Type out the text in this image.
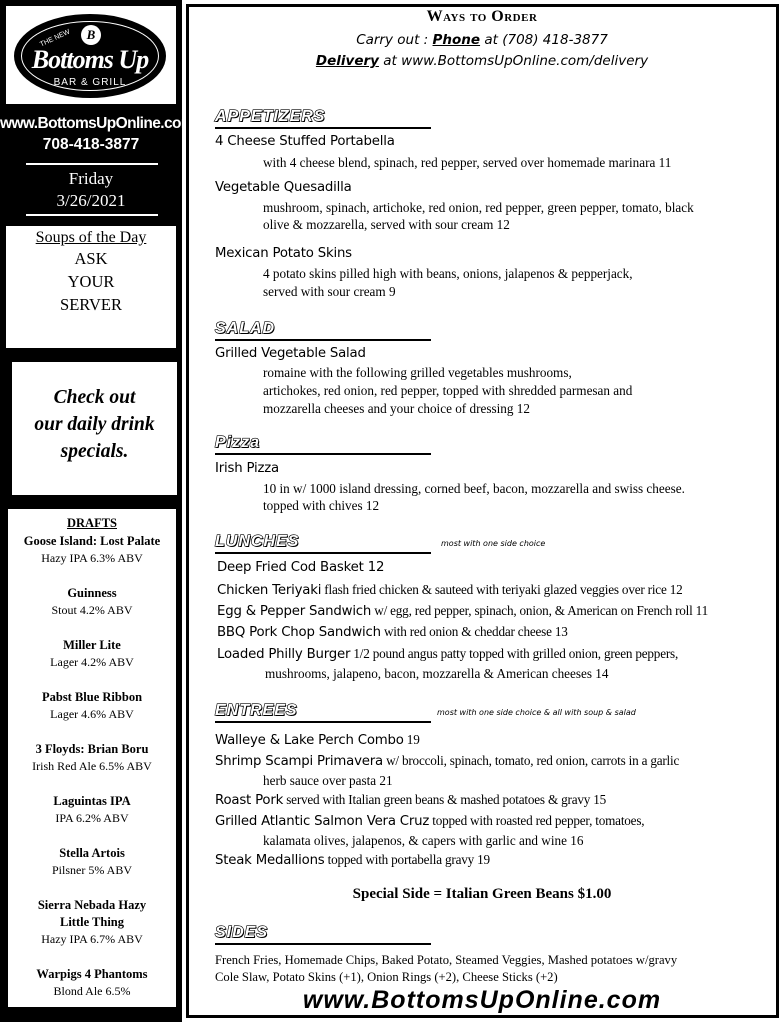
B
THE NEW
Bottoms Up
BAR & GRILL
www.BottomsUpOnline.com
708-418-3877
Friday
3/26/2021
Soups of the Day
ASK
YOUR
SERVER
Check out
our daily drink
specials.
DRAFTS
Goose Island: Lost Palate
Hazy IPA 6.3% ABV
Guinness
Stout 4.2% ABV
Miller Lite
Lager 4.2% ABV
Pabst Blue Ribbon
Lager 4.6% ABV
3 Floyds: Brian Boru
Irish Red Ale 6.5% ABV
Laguintas IPA
IPA 6.2% ABV
Stella Artois
Pilsner 5% ABV
Sierra Nebada Hazy
Little Thing
Hazy IPA 6.7% ABV
Warpigs 4 Phantoms
Blond Ale 6.5%
Ways to Order
Carry out : Phone at (708) 418-3877
Delivery at www.BottomsUpOnline.com/delivery
APPETIZERS
4 Cheese Stuffed Portabella
with 4 cheese blend, spinach, red pepper, served over homemade marinara 11
Vegetable Quesadilla
mushroom, spinach, artichoke, red onion, red pepper, green pepper, tomato, black
olive & mozzarella, served with sour cream 12
Mexican Potato Skins
4 potato skins pilled high with beans, onions, jalapenos & pepperjack,
served with sour cream 9
SALAD
Grilled Vegetable Salad
romaine with the following grilled vegetables mushrooms,
artichokes, red onion, red pepper, topped with shredded parmesan and
mozzarella cheeses and your choice of dressing 12
Pizza
Irish Pizza
10 in w/ 1000 island dressing, corned beef, bacon, mozzarella and swiss cheese.
topped with chives 12
LUNCHES	most with one side choice
Deep Fried Cod Basket 12
Chicken Teriyaki flash fried chicken & sauteed with teriyaki glazed veggies over rice 12
Egg & Pepper Sandwich w/ egg, red pepper, spinach, onion, & American on French roll 11
BBQ Pork Chop Sandwich with red onion & cheddar cheese 13
Loaded Philly Burger 1/2 pound angus patty topped with grilled onion, green peppers,
mushrooms, jalapeno, bacon, mozzarella & American cheeses 14
ENTREES	most with one side choice & all with soup & salad
Walleye & Lake Perch Combo 19
Shrimp Scampi Primavera w/ broccoli, spinach, tomato, red onion, carrots in a garlic
herb sauce over pasta 21
Roast Pork served with Italian green beans & mashed potatoes & gravy 15
Grilled Atlantic Salmon Vera Cruz topped with roasted red pepper, tomatoes,
kalamata olives, jalapenos, & capers with garlic and wine 16
Steak Medallions topped with portabella gravy 19
Special Side = Italian Green Beans $1.00
SIDES
French Fries, Homemade Chips, Baked Potato, Steamed Veggies, Mashed potatoes w/gravy
Cole Slaw, Potato Skins (+1), Onion Rings (+2), Cheese Sticks (+2)
www.BottomsUpOnline.com
